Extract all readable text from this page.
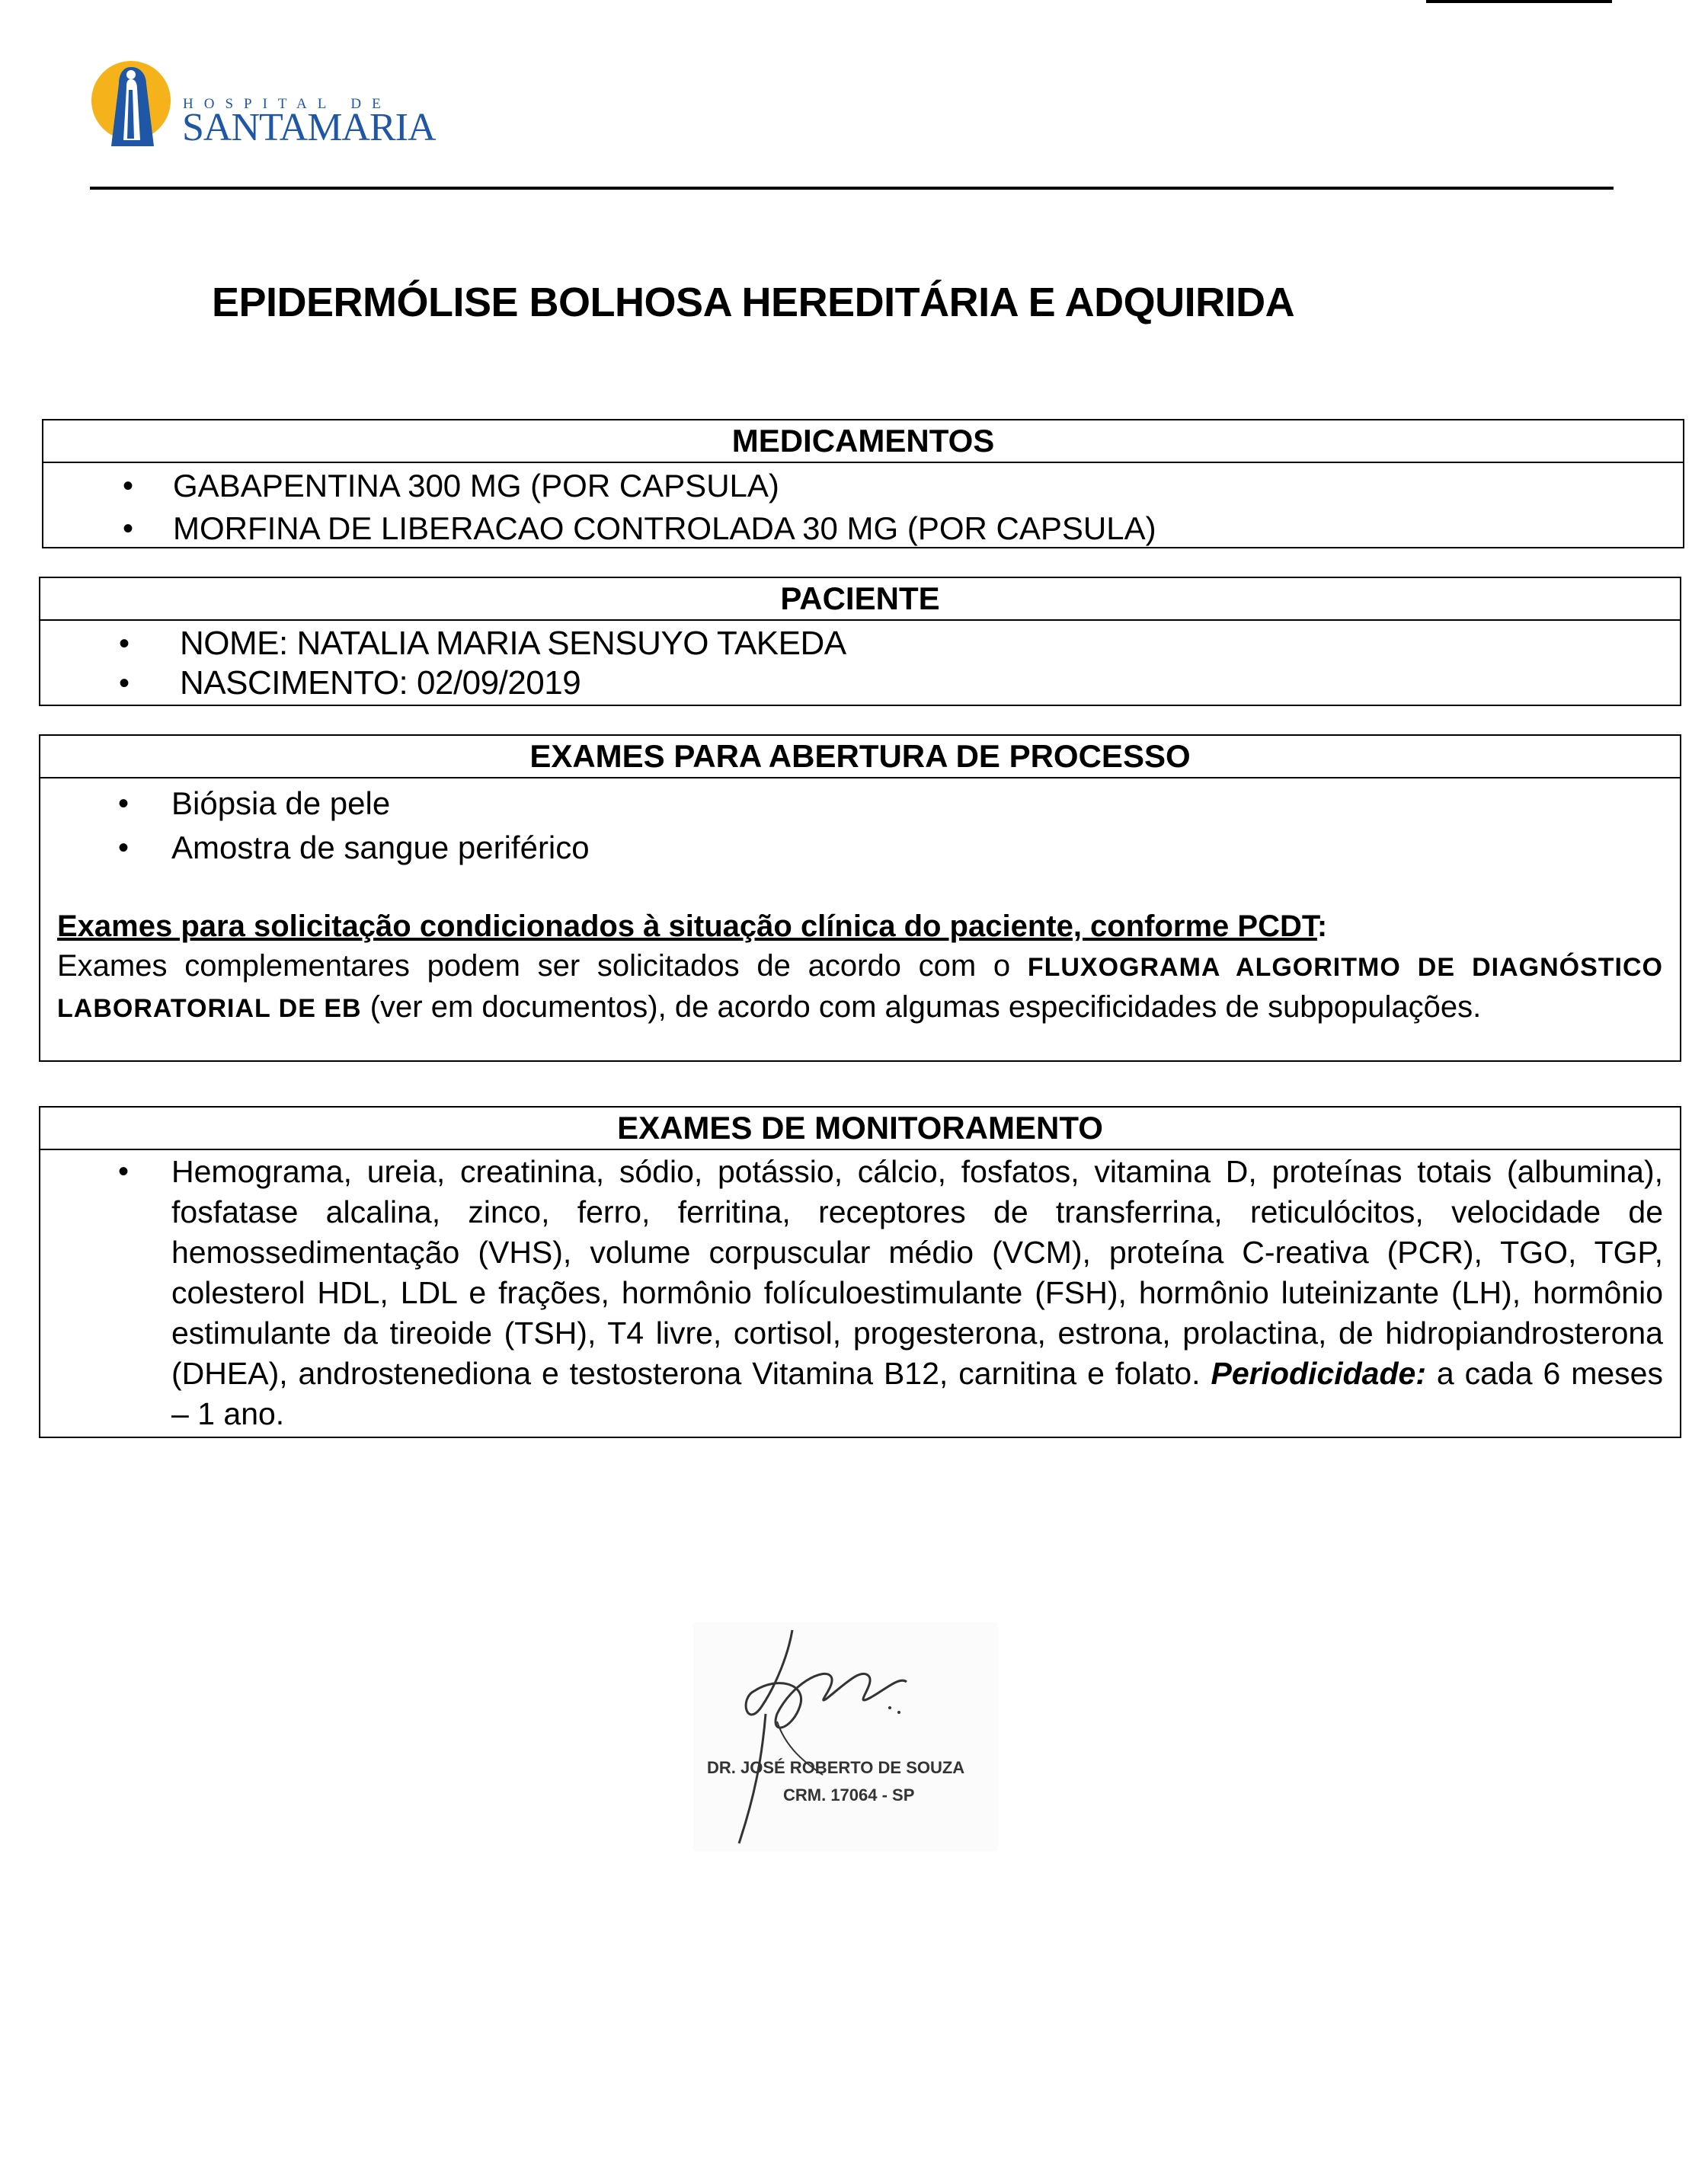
HOSPITAL DE
SANTAMARIA
EPIDERMÓLISE BOLHOSA HEREDITÁRIA E ADQUIRIDA
MEDICAMENTOS
• GABAPENTINA 300 MG (POR CAPSULA)
• MORFINA DE LIBERACAO CONTROLADA 30 MG (POR CAPSULA)
PACIENTE
• NOME: NATALIA MARIA SENSUYO TAKEDA
• NASCIMENTO: 02/09/2019
EXAMES PARA ABERTURA DE PROCESSO
• Biópsia de pele
• Amostra de sangue periférico
Exames para solicitação condicionados à situação clínica do paciente, conforme PCDT:
Exames complementares podem ser solicitados de acordo com o FLUXOGRAMA ALGORITMO DE DIAGNÓSTICO LABORATORIAL DE EB (ver em documentos), de acordo com algumas especificidades de subpopulações.
EXAMES DE MONITORAMENTO
• Hemograma, ureia, creatinina, sódio, potássio, cálcio, fosfatos, vitamina D, proteínas totais (albumina), fosfatase alcalina, zinco, ferro, ferritina, receptores de transferrina, reticulócitos, velocidade de hemossedimentação (VHS), volume corpuscular médio (VCM), proteína C-reativa (PCR), TGO, TGP, colesterol HDL, LDL e frações, hormônio folículoestimulante (FSH), hormônio luteinizante (LH), hormônio estimulante da tireoide (TSH), T4 livre, cortisol, progesterona, estrona, prolactina, de hidropiandrosterona (DHEA), androstenediona e testosterona Vitamina B12, carnitina e folato. Periodicidade: a cada 6 meses – 1 ano.
DR. JOSÉ ROBERTO DE SOUZA
CRM. 17064 - SP
